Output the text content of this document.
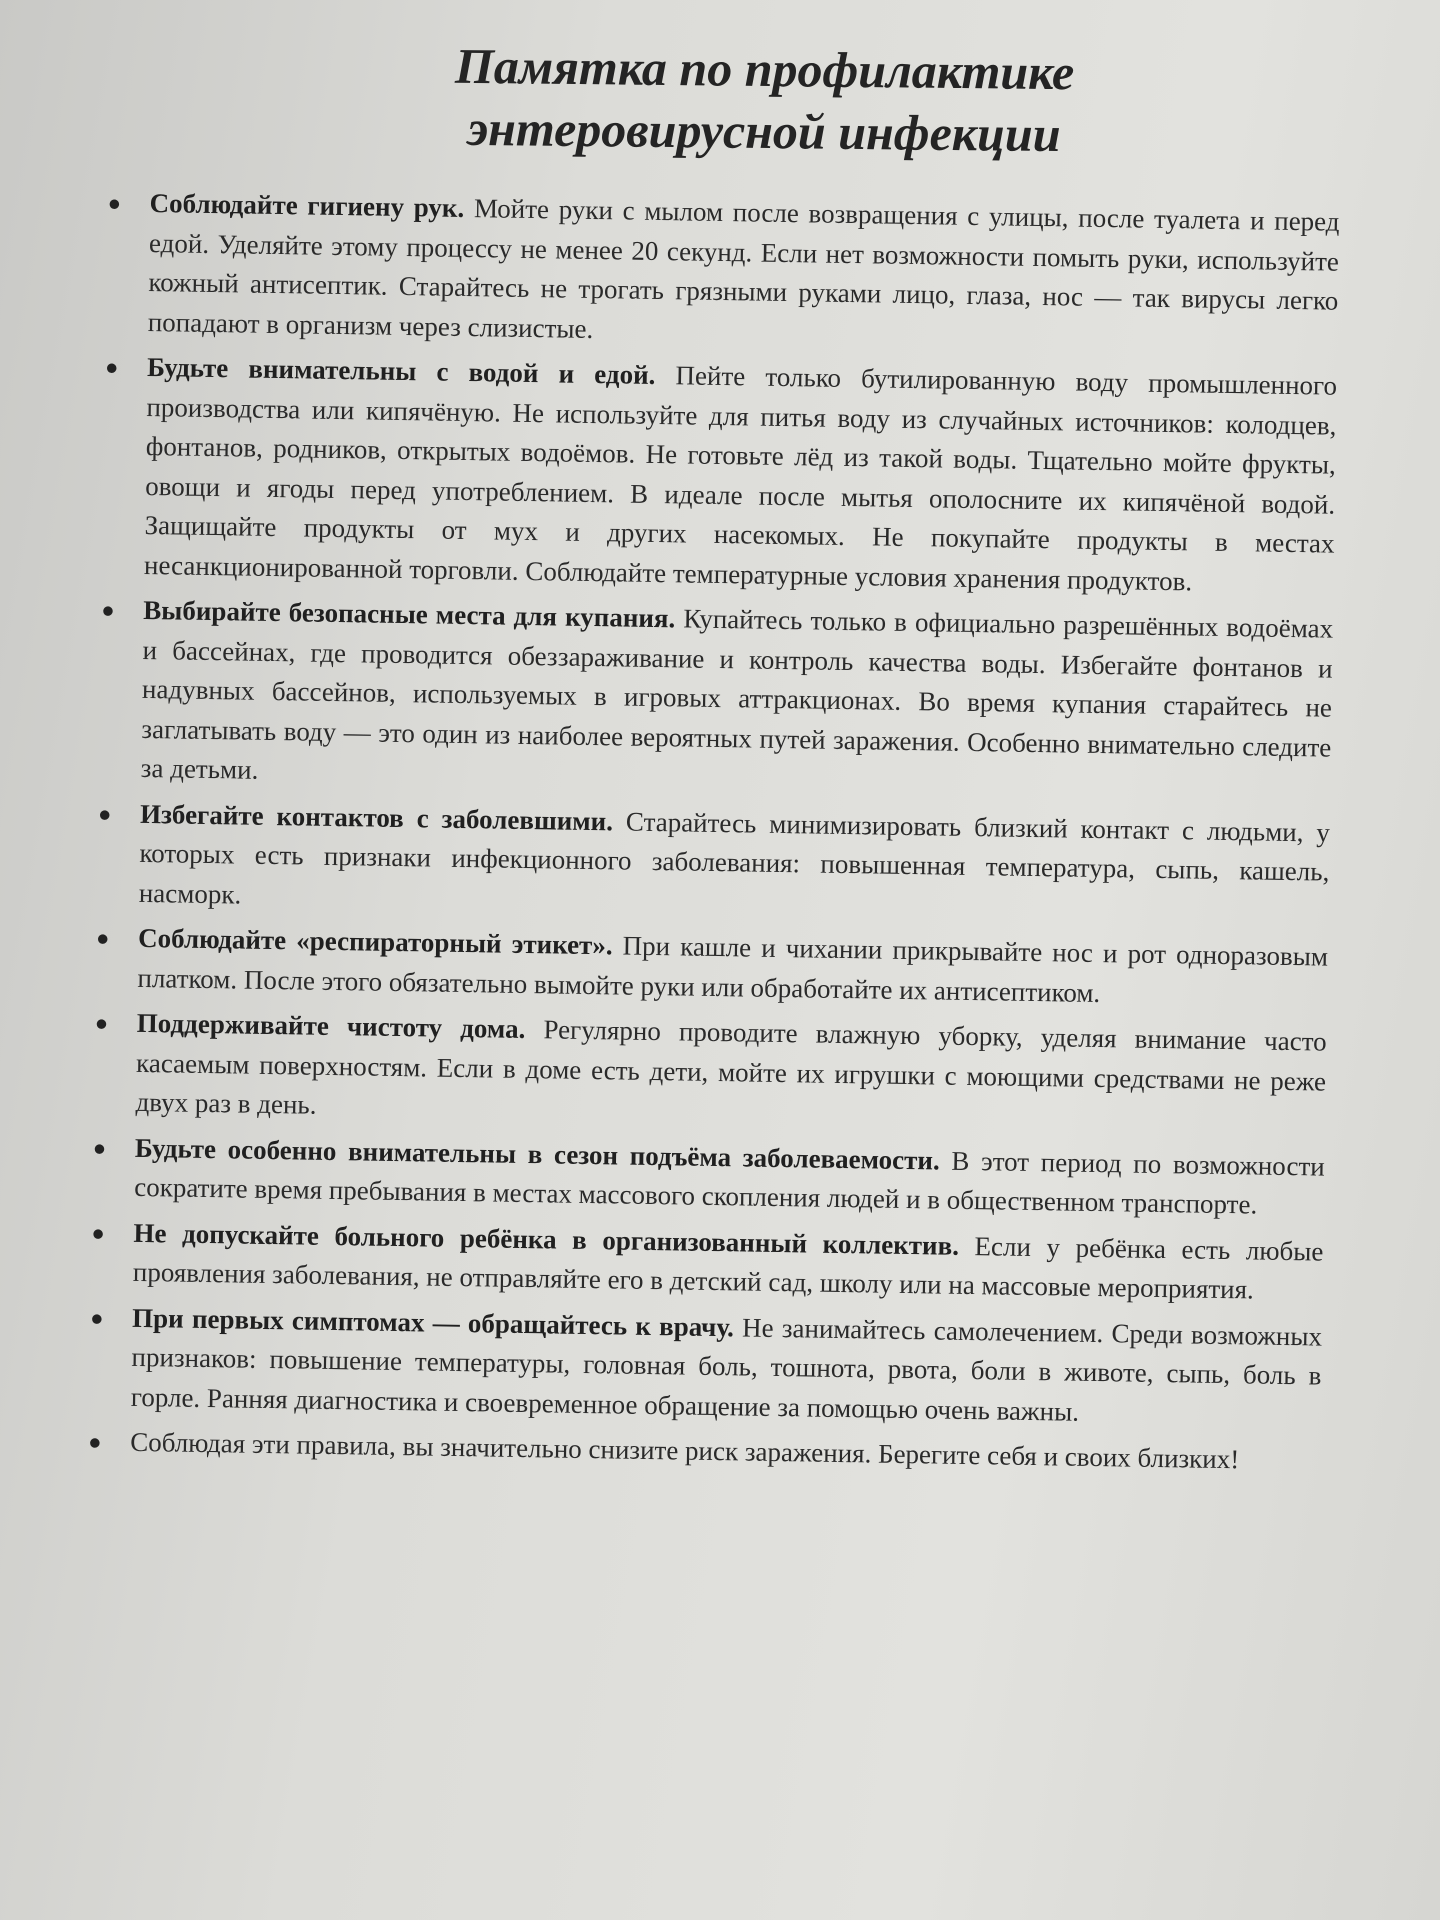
Памятка по профилактике
энтеровирусной инфекции
● Соблюдайте гигиену рук. Мойте руки с мылом после возвращения с улицы, после туалета и перед едой. Уделяйте этому процессу не менее 20 секунд. Если нет возможности помыть руки, используйте кожный антисептик. Старайтесь не трогать грязными руками лицо, глаза, нос — так вирусы легко попадают в организм через слизистые.
● Будьте внимательны с водой и едой. Пейте только бутилированную воду промышленного производства или кипячёную. Не используйте для питья воду из случайных источников: колодцев, фонтанов, родников, открытых водоёмов. Не готовьте лёд из такой воды. Тщательно мойте фрукты, овощи и ягоды перед употреблением. В идеале после мытья ополосните их кипячёной водой. Защищайте продукты от мух и других насекомых. Не покупайте продукты в местах несанкционированной торговли. Соблюдайте температурные условия хранения продуктов.
● Выбирайте безопасные места для купания. Купайтесь только в официально разрешённых водоёмах и бассейнах, где проводится обеззараживание и контроль качества воды. Избегайте фонтанов и надувных бассейнов, используемых в игровых аттракционах. Во время купания старайтесь не заглатывать воду — это один из наиболее вероятных путей заражения. Особенно внимательно следите за детьми.
● Избегайте контактов с заболевшими. Старайтесь минимизировать близкий контакт с людьми, у которых есть признаки инфекционного заболевания: повышенная температура, сыпь, кашель, насморк.
● Соблюдайте «респираторный этикет». При кашле и чихании прикрывайте нос и рот одноразовым платком. После этого обязательно вымойте руки или обработайте их антисептиком.
● Поддерживайте чистоту дома. Регулярно проводите влажную уборку, уделяя внимание часто касаемым поверхностям. Если в доме есть дети, мойте их игрушки с моющими средствами не реже двух раз в день.
● Будьте особенно внимательны в сезон подъёма заболеваемости. В этот период по возможности сократите время пребывания в местах массового скопления людей и в общественном транспорте.
● Не допускайте больного ребёнка в организованный коллектив. Если у ребёнка есть любые проявления заболевания, не отправляйте его в детский сад, школу или на массовые мероприятия.
● При первых симптомах — обращайтесь к врачу. Не занимайтесь самолечением. Среди возможных признаков: повышение температуры, головная боль, тошнота, рвота, боли в животе, сыпь, боль в горле. Ранняя диагностика и своевременное обращение за помощью очень важны.
● Соблюдая эти правила, вы значительно снизите риск заражения. Берегите себя и своих близких!
